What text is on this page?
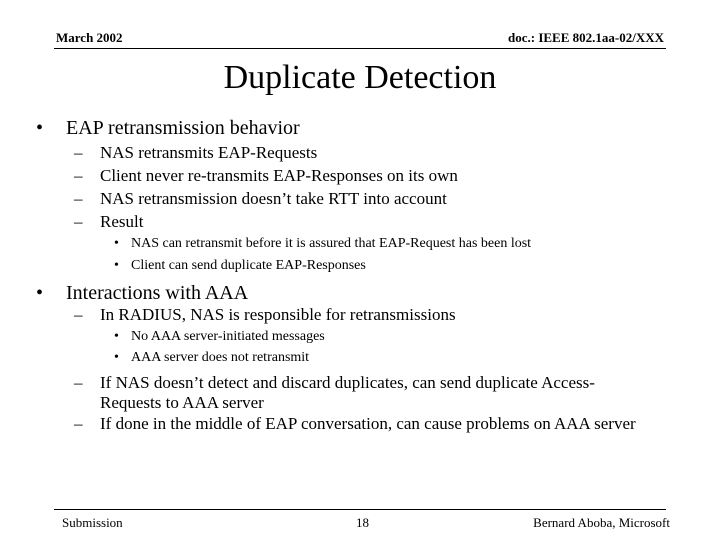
March 2002	doc.: IEEE 802.1aa-02/XXX
Duplicate Detection
• EAP retransmission behavior
– NAS retransmits EAP-Requests
– Client never re-transmits EAP-Responses on its own
– NAS retransmission doesn’t take RTT into account
– Result
• NAS can retransmit before it is assured that EAP-Request has been lost
• Client can send duplicate EAP-Responses
• Interactions with AAA
– In RADIUS, NAS is responsible for retransmissions
• No AAA server-initiated messages
• AAA server does not retransmit
– If NAS doesn’t detect and discard duplicates, can send duplicate Access-
Requests to AAA server
– If done in the middle of EAP conversation, can cause problems on AAA server
Submission	18	Bernard Aboba, Microsoft
